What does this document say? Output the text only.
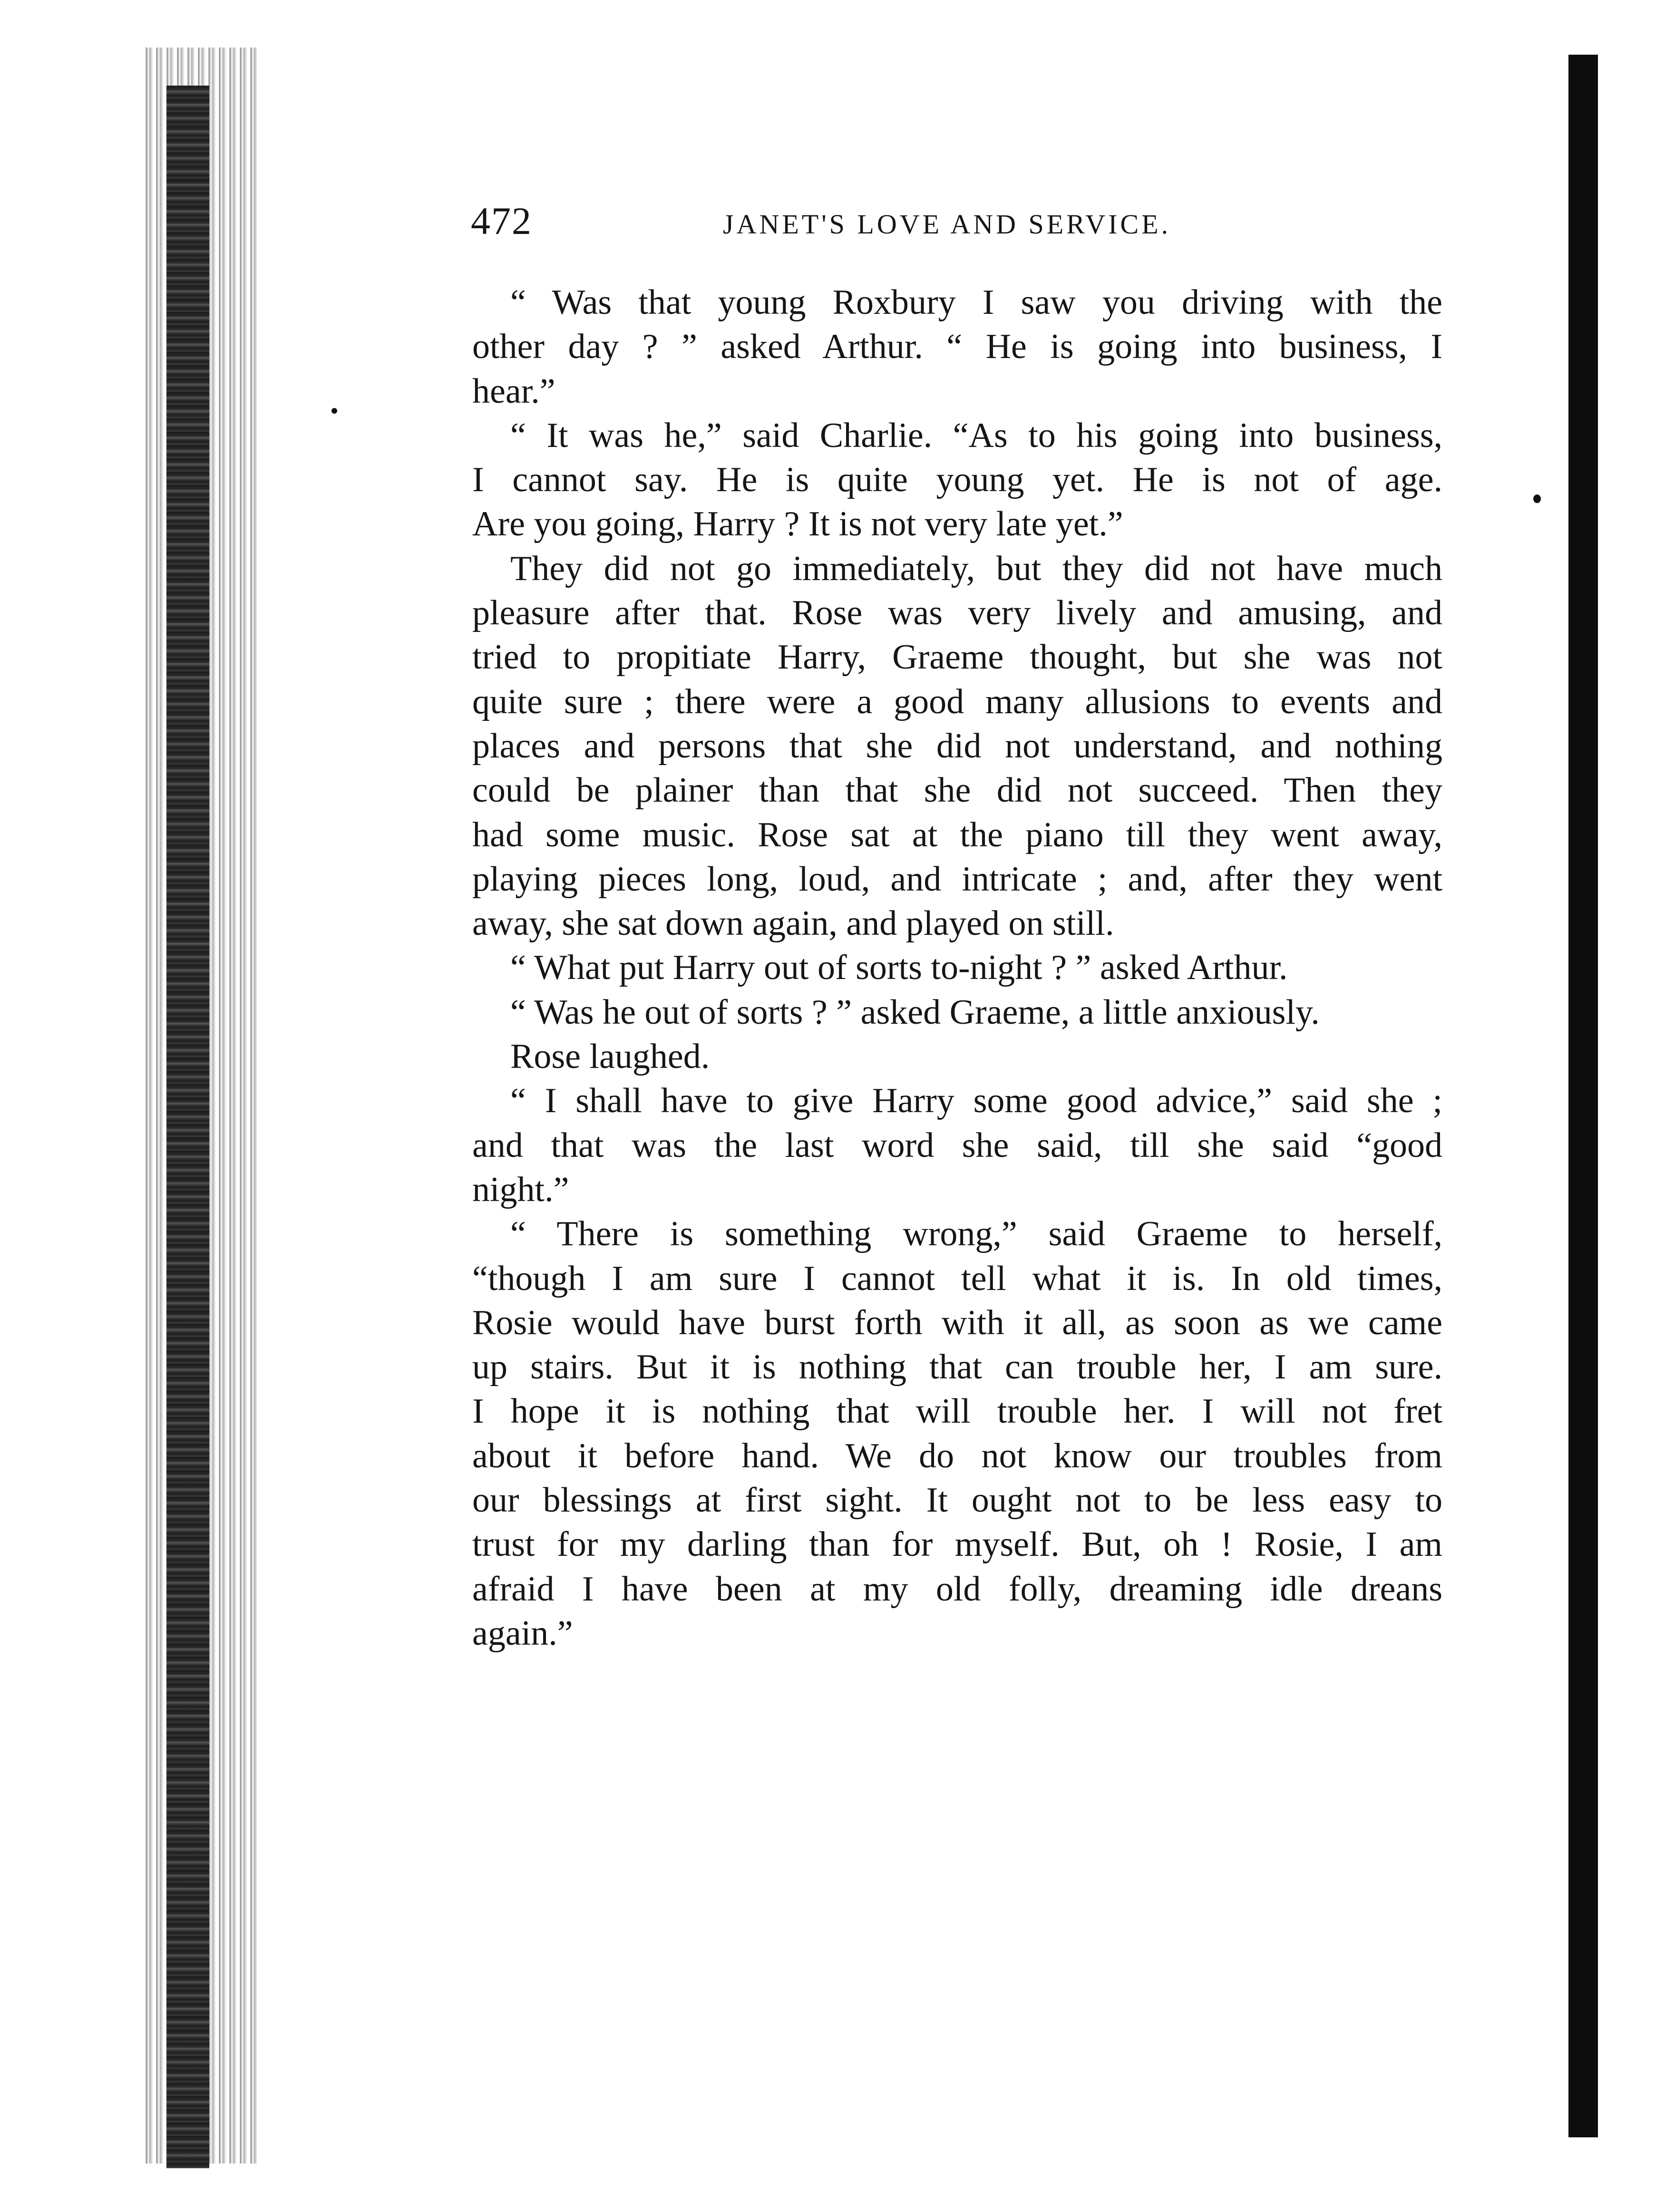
472	JANET'S LOVE AND SERVICE.
“ Was that young Roxbury I saw you driving with the
other day ? ” asked Arthur. “ He is going into business, I
hear.”
“ It was he,” said Charlie. “As to his going into business,
I cannot say. He is quite young yet. He is not of age.
Are you going, Harry ? It is not very late yet.”
They did not go immediately, but they did not have much
pleasure after that. Rose was very lively and amusing, and
tried to propitiate Harry, Graeme thought, but she was not
quite sure ; there were a good many allusions to events and
places and persons that she did not understand, and nothing
could be plainer than that she did not succeed. Then they
had some music. Rose sat at the piano till they went away,
playing pieces long, loud, and intricate ; and, after they went
away, she sat down again, and played on still.
“ What put Harry out of sorts to-night ? ” asked Arthur.
“ Was he out of sorts ? ” asked Graeme, a little anxiously.
Rose laughed.
“ I shall have to give Harry some good advice,” said she ;
and that was the last word she said, till she said “good
night.”
“ There is something wrong,” said Graeme to herself,
“though I am sure I cannot tell what it is. In old times,
Rosie would have burst forth with it all, as soon as we came
up stairs. But it is nothing that can trouble her, I am sure.
I hope it is nothing that will trouble her. I will not fret
about it before hand. We do not know our troubles from
our blessings at first sight. It ought not to be less easy to
trust for my darling than for myself. But, oh ! Rosie, I am
afraid I have been at my old folly, dreaming idle dreans
again.”
